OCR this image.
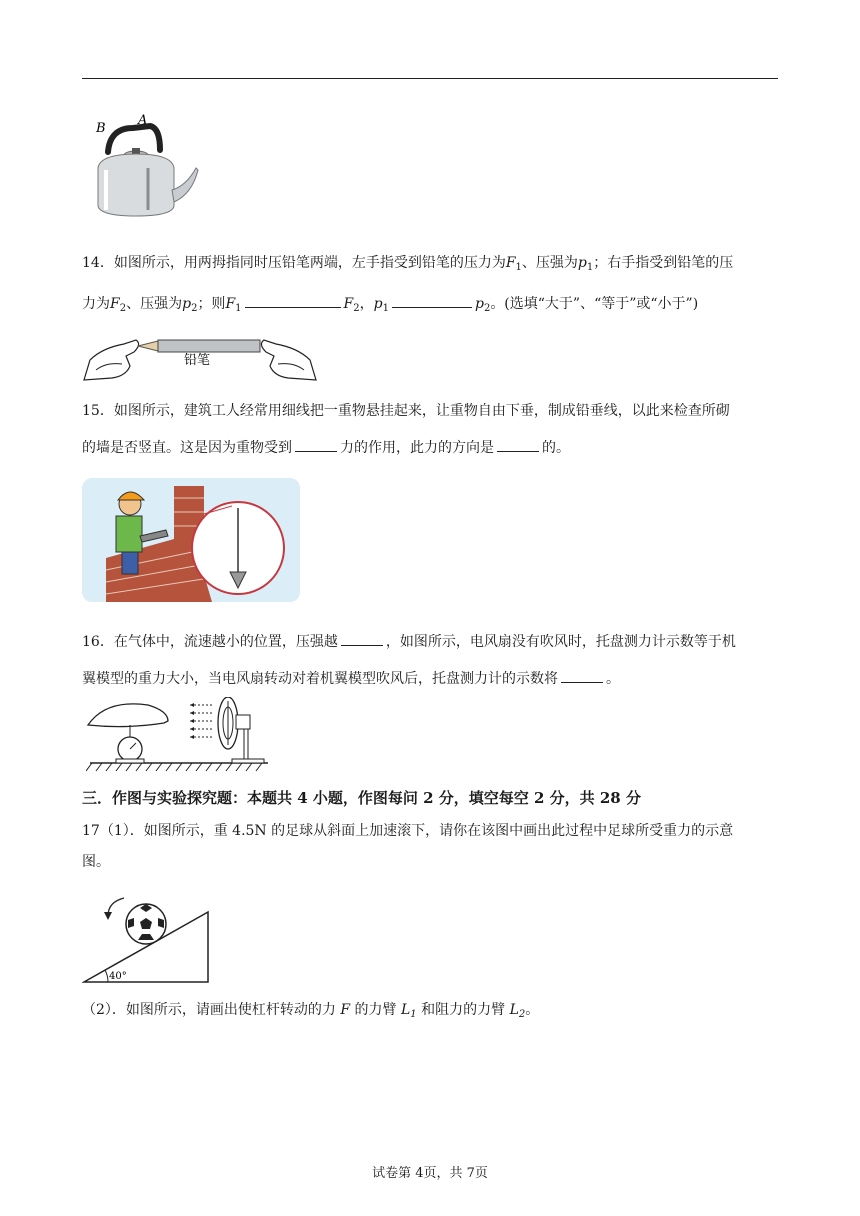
B
A
14．如图所示，用两拇指同时压铅笔两端，左手指受到铅笔的压力为$F_1$、压强为$p_1$；右手指受到铅笔的压
力为$F_2$、压强为$p_2$；则$F_1$	$F_2$，$p_1$	$p_2$。(选填“大于”、“等于”或“小于”)
铅笔
15．如图所示，建筑工人经常用细线把一重物悬挂起来，让重物自由下垂，制成铅垂线，以此来检查所砌
的墙是否竖直。这是因为重物受到	力的作用，此力的方向是	的。
16．在气体中，流速越小的位置，压强越	，如图所示，电风扇没有吹风时，托盘测力计示数等于机
翼模型的重力大小，当电风扇转动对着机翼模型吹风后，托盘测力计的示数将	。
三．作图与实验探究题：本题共 4 小题，作图每问 2 分，填空每空 2 分，共 28 分
17（1）．如图所示，重 4.5N 的足球从斜面上加速滚下，请你在该图中画出此过程中足球所受重力的示意
图。
40°
（2）．如图所示，请画出使杠杆转动的力 F 的力臂 $L_1$ 和阻力的力臂 $L_2$。
试卷第 4页，共 7页
